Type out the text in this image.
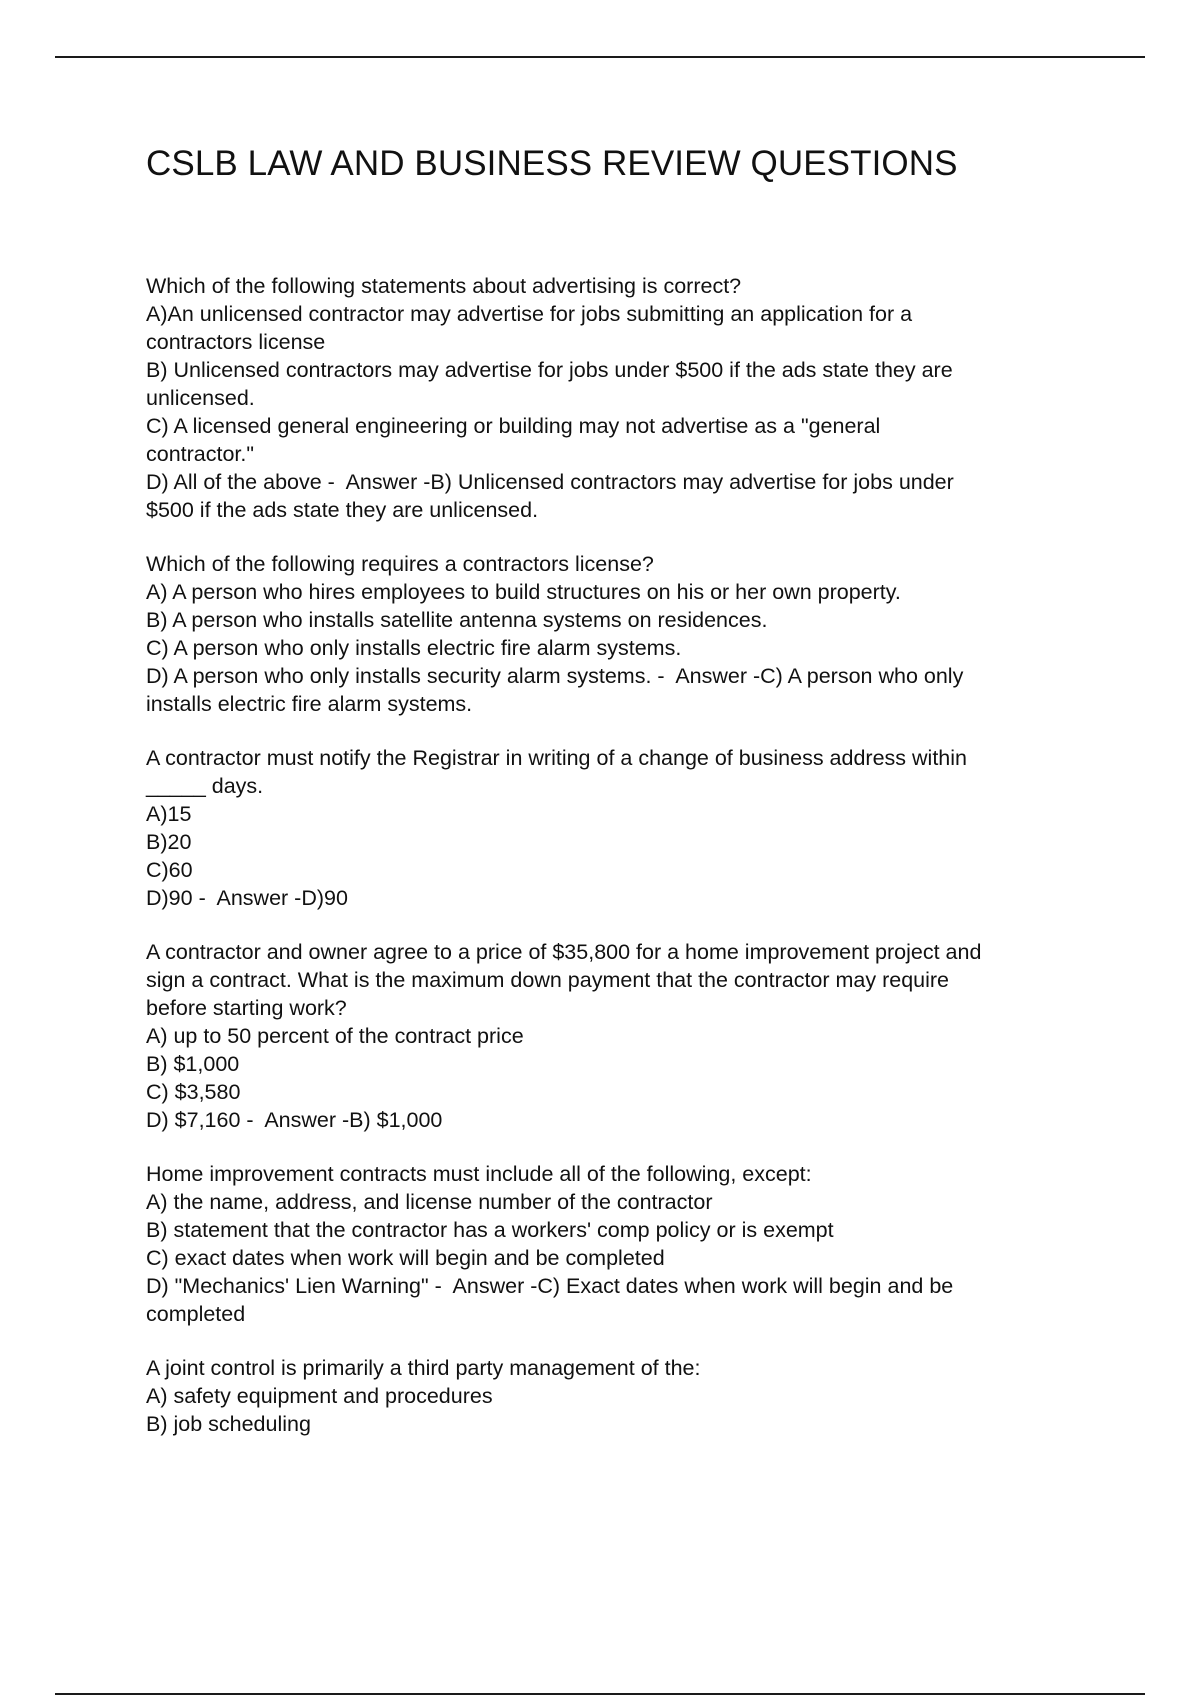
CSLB LAW AND BUSINESS REVIEW QUESTIONS
Which of the following statements about advertising is correct?
A)An unlicensed contractor may advertise for jobs submitting an application for a
contractors license
B) Unlicensed contractors may advertise for jobs under $500 if the ads state they are
unlicensed.
C) A licensed general engineering or building may not advertise as a "general
contractor."
D) All of the above -  Answer -B) Unlicensed contractors may advertise for jobs under
$500 if the ads state they are unlicensed.
Which of the following requires a contractors license?
A) A person who hires employees to build structures on his or her own property.
B) A person who installs satellite antenna systems on residences.
C) A person who only installs electric fire alarm systems.
D) A person who only installs security alarm systems. -  Answer -C) A person who only
installs electric fire alarm systems.
A contractor must notify the Registrar in writing of a change of business address within
_____ days.
A)15
B)20
C)60
D)90 -  Answer -D)90
A contractor and owner agree to a price of $35,800 for a home improvement project and
sign a contract. What is the maximum down payment that the contractor may require
before starting work?
A) up to 50 percent of the contract price
B) $1,000
C) $3,580
D) $7,160 -  Answer -B) $1,000
Home improvement contracts must include all of the following, except:
A) the name, address, and license number of the contractor
B) statement that the contractor has a workers' comp policy or is exempt
C) exact dates when work will begin and be completed
D) "Mechanics' Lien Warning" -  Answer -C) Exact dates when work will begin and be
completed
A joint control is primarily a third party management of the:
A) safety equipment and procedures
B) job scheduling
